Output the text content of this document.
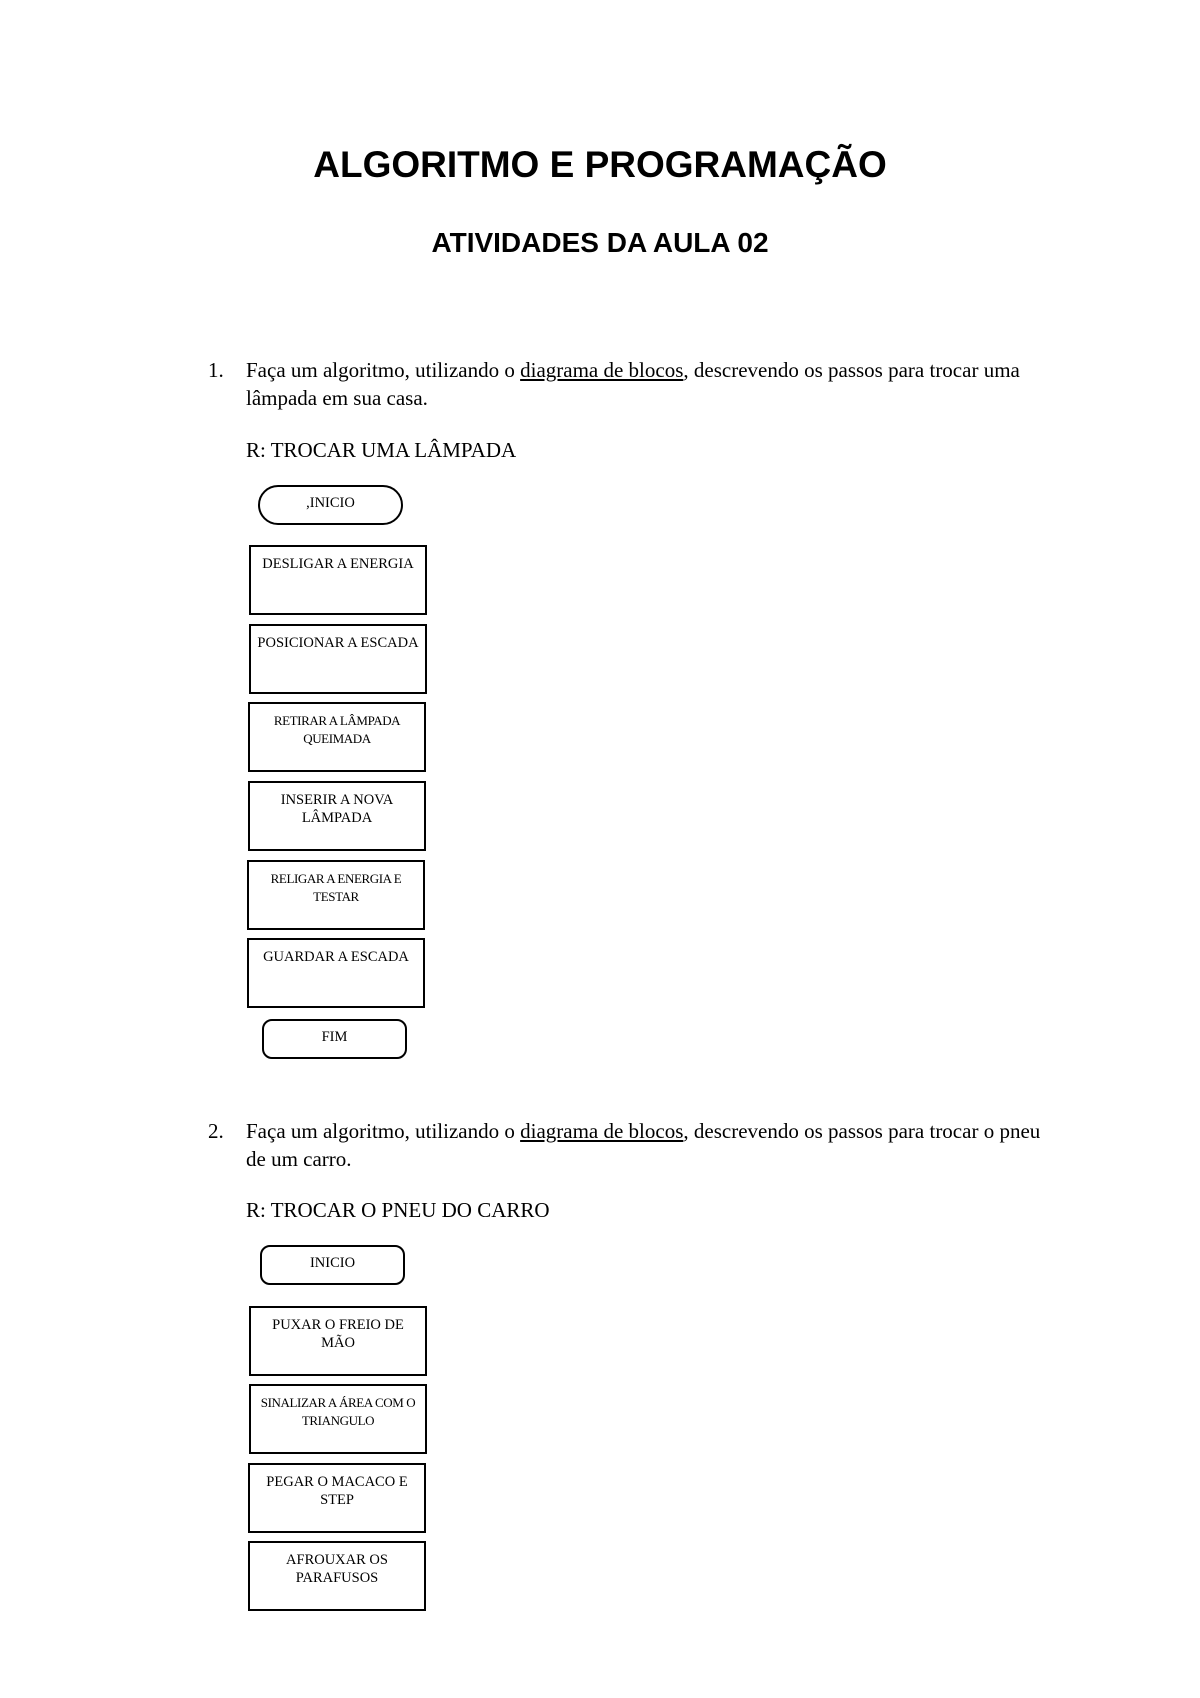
ALGORITMO E PROGRAMAÇÃO
ATIVIDADES DA AULA 02
1. Faça um algoritmo, utilizando o diagrama de blocos, descrevendo os passos para trocar uma lâmpada em sua casa.
R: TROCAR UMA LÂMPADA
,INICIO
DESLIGAR A ENERGIA
POSICIONAR A ESCADA
RETIRAR A LÂMPADA QUEIMADA
INSERIR A NOVA LÂMPADA
RELIGAR A ENERGIA E TESTAR
GUARDAR A ESCADA
FIM
2. Faça um algoritmo, utilizando o diagrama de blocos, descrevendo os passos para trocar o pneu de um carro.
R: TROCAR O PNEU DO CARRO
INICIO
PUXAR O FREIO DE MÃO
SINALIZAR A ÁREA COM O TRIANGULO
PEGAR O MACACO E STEP
AFROUXAR OS PARAFUSOS
